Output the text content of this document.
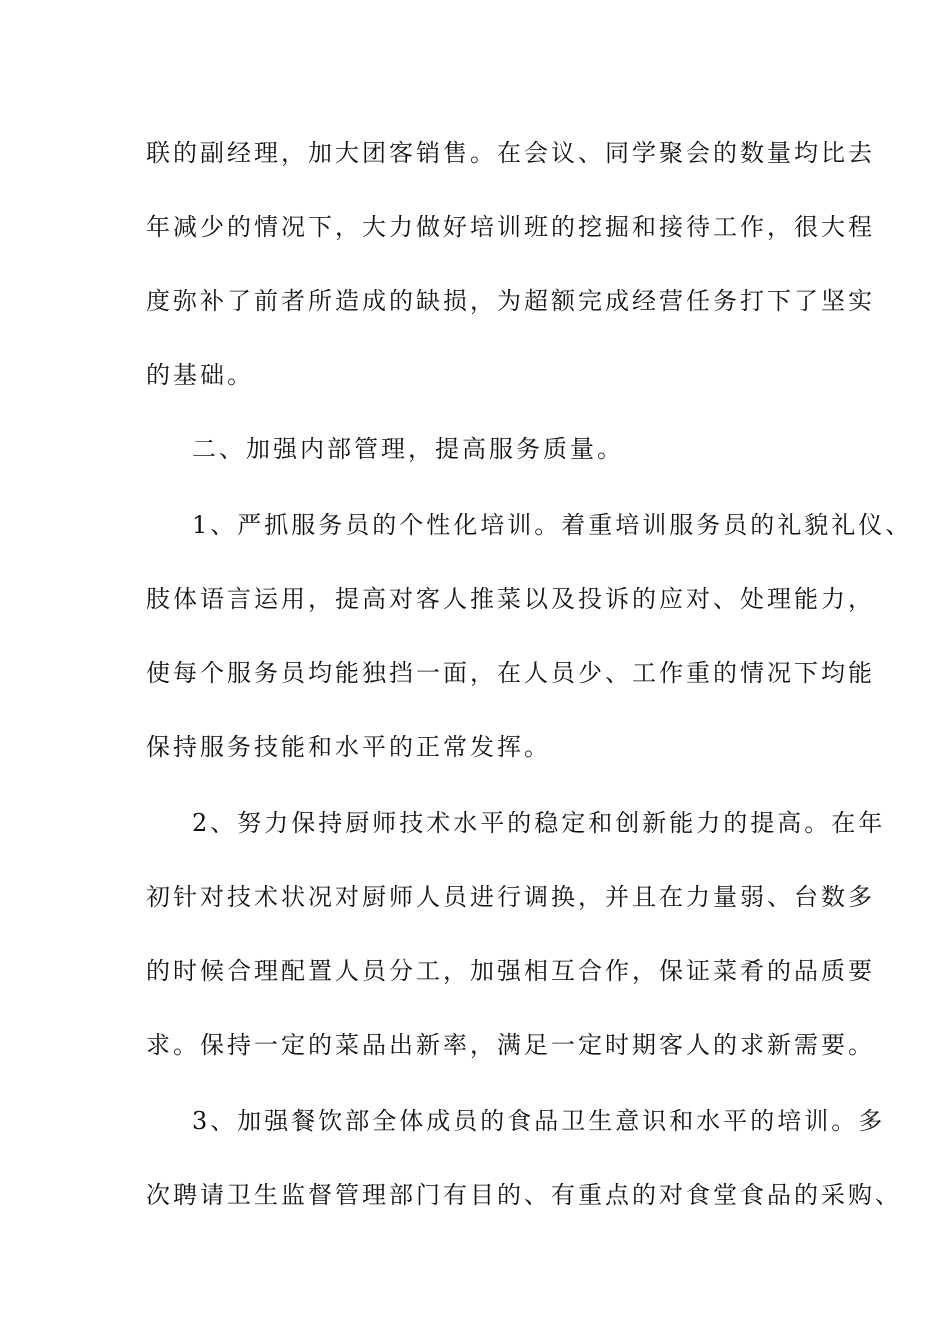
联的副经理，加大团客销售。在会议、同学聚会的数量均比去
年减少的情况下，大力做好培训班的挖掘和接待工作，很大程
度弥补了前者所造成的缺损，为超额完成经营任务打下了坚实
的基础。
二、加强内部管理，提高服务质量。
1、严抓服务员的个性化培训。着重培训服务员的礼貌礼仪、
肢体语言运用，提高对客人推菜以及投诉的应对、处理能力，
使每个服务员均能独挡一面，在人员少、工作重的情况下均能
保持服务技能和水平的正常发挥。
2、努力保持厨师技术水平的稳定和创新能力的提高。在年
初针对技术状况对厨师人员进行调换，并且在力量弱、台数多
的时候合理配置人员分工，加强相互合作，保证菜肴的品质要
求。保持一定的菜品出新率，满足一定时期客人的求新需要。
3、加强餐饮部全体成员的食品卫生意识和水平的培训。多
次聘请卫生监督管理部门有目的、有重点的对食堂食品的采购、
